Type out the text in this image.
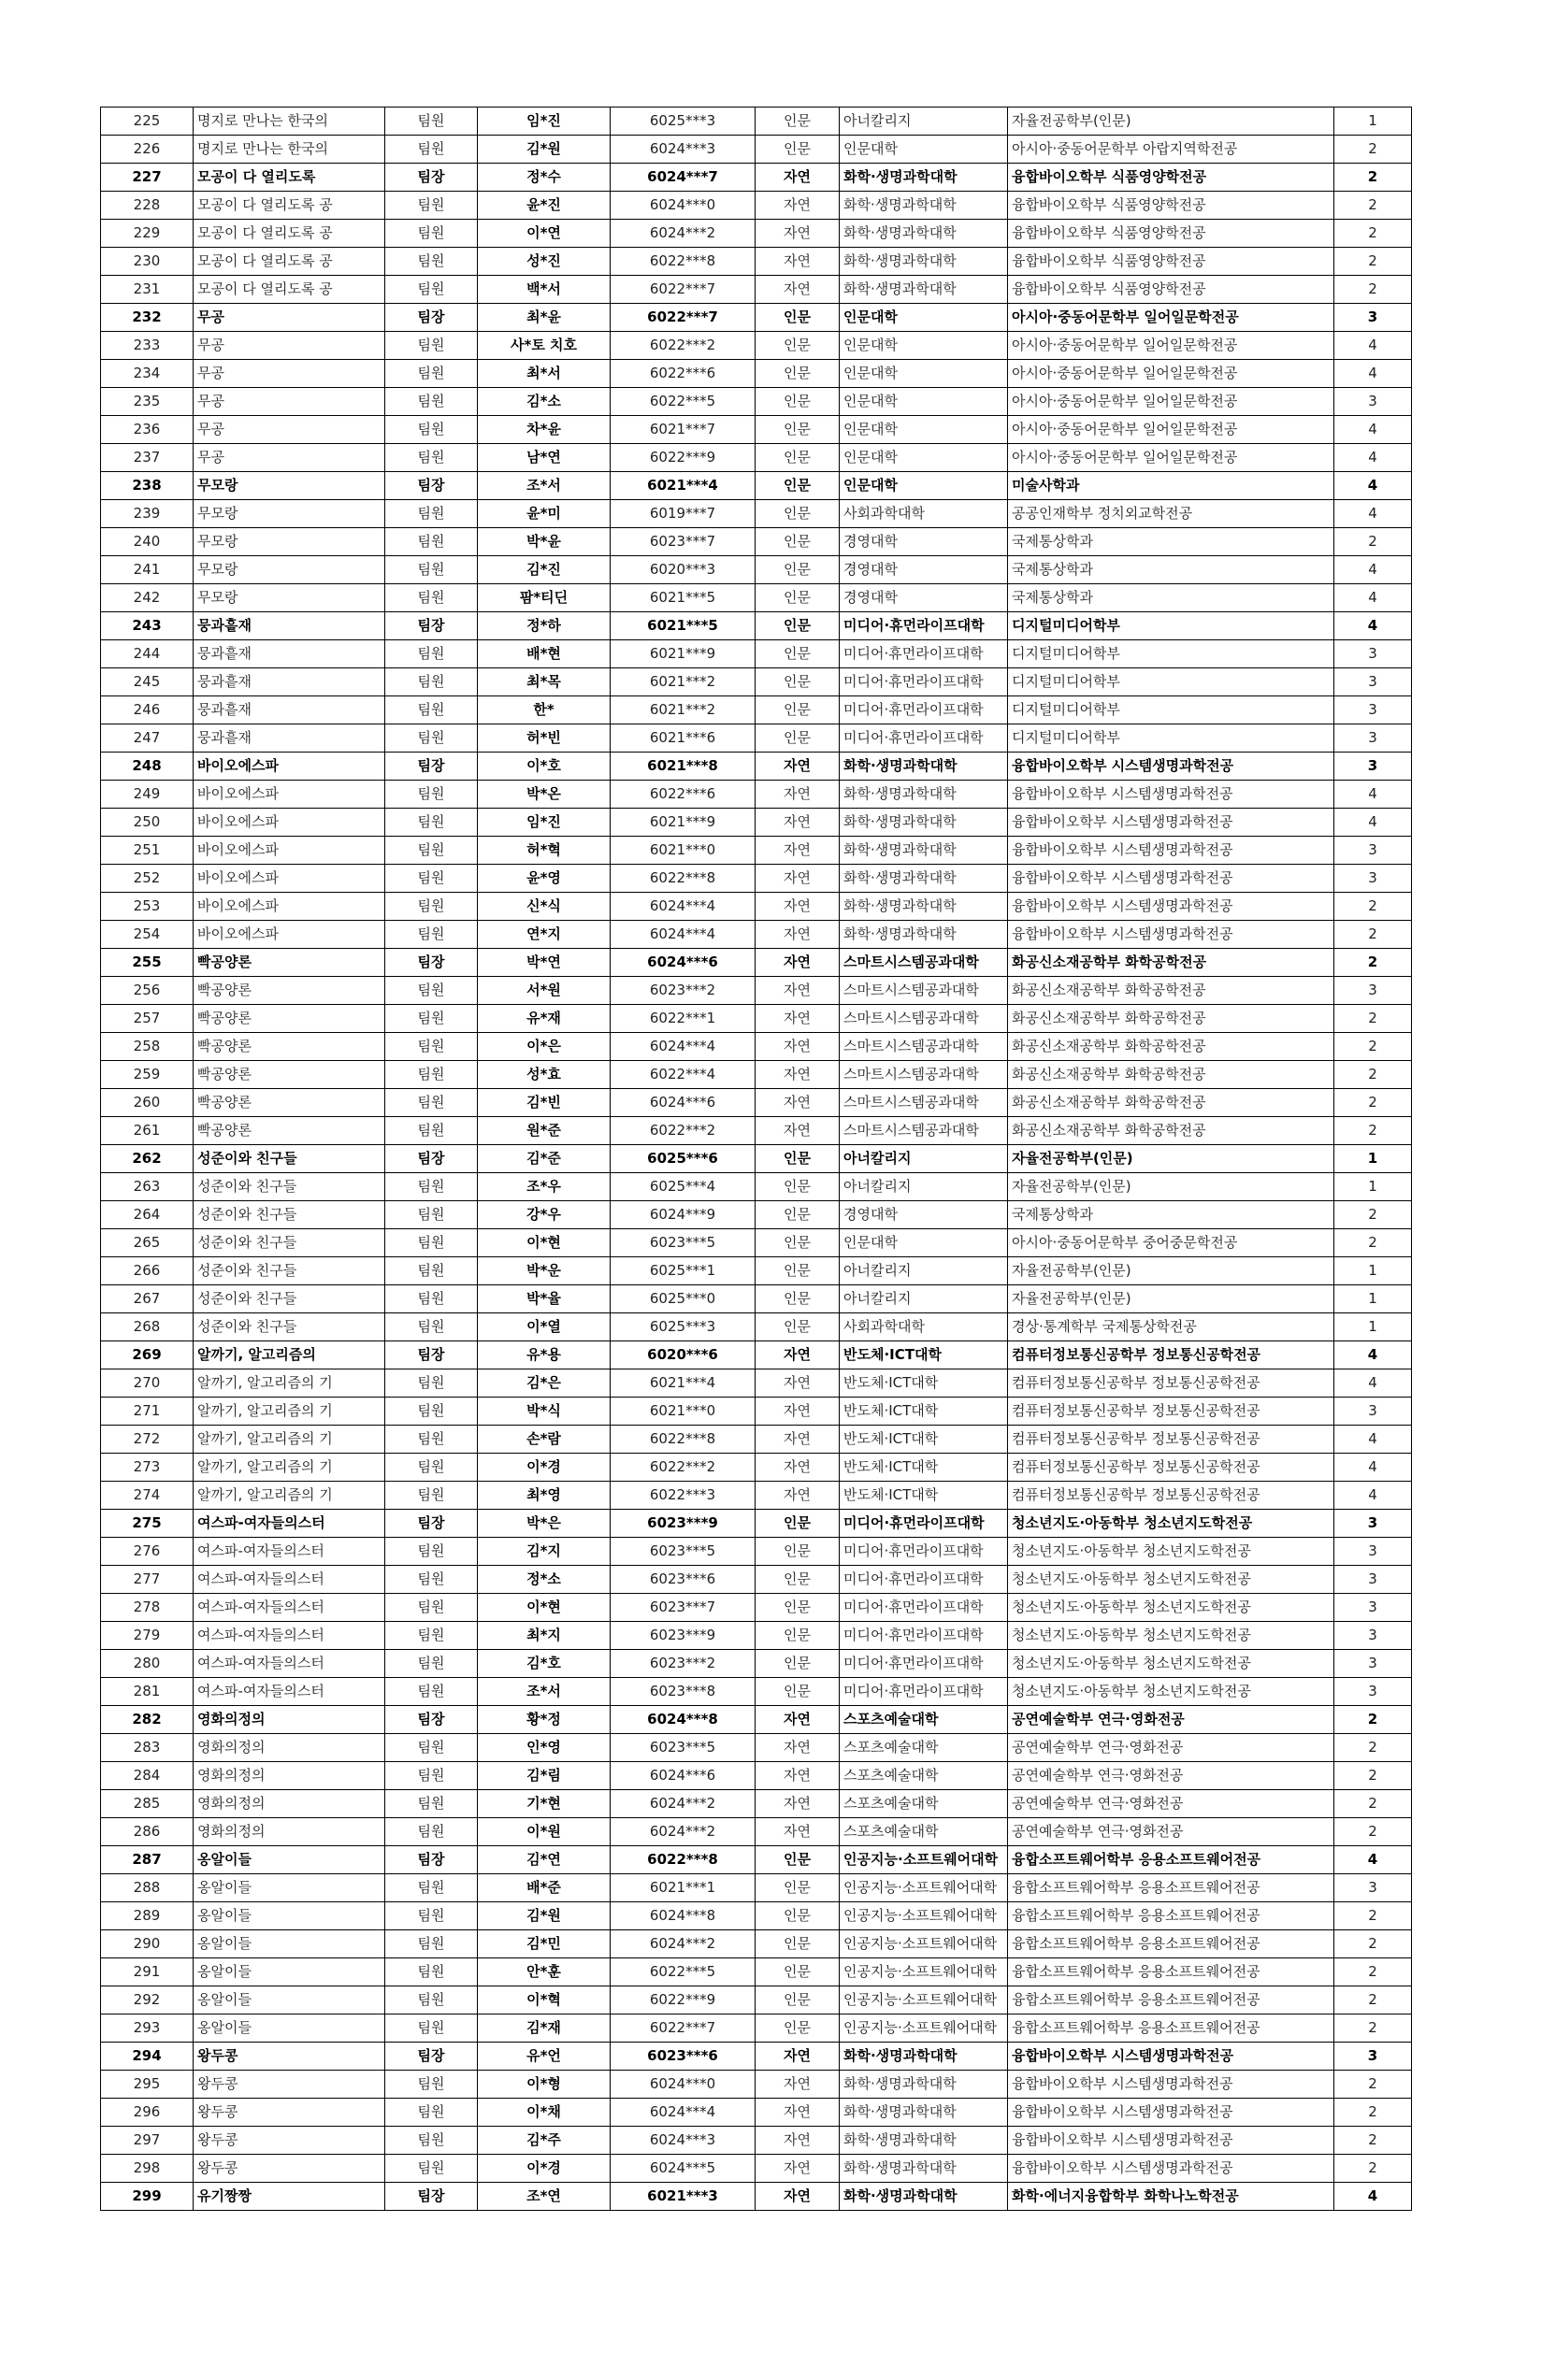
225	명지로 만나는 한국의	팀원	임*진	6025***3	인문	아너칼리지	자율전공학부(인문)	1
226	명지로 만나는 한국의	팀원	김*원	6024***3	인문	인문대학	아시아·중동어문학부 아랍지역학전공	2
227	모공이 다 열리도록	팀장	정*수	6024***7	자연	화학·생명과학대학	융합바이오학부 식품영양학전공	2
228	모공이 다 열리도록 공	팀원	윤*진	6024***0	자연	화학·생명과학대학	융합바이오학부 식품영양학전공	2
229	모공이 다 열리도록 공	팀원	이*연	6024***2	자연	화학·생명과학대학	융합바이오학부 식품영양학전공	2
230	모공이 다 열리도록 공	팀원	성*진	6022***8	자연	화학·생명과학대학	융합바이오학부 식품영양학전공	2
231	모공이 다 열리도록 공	팀원	백*서	6022***7	자연	화학·생명과학대학	융합바이오학부 식품영양학전공	2
232	무공	팀장	최*윤	6022***7	인문	인문대학	아시아·중동어문학부 일어일문학전공	3
233	무공	팀원	사*토 치호	6022***2	인문	인문대학	아시아·중동어문학부 일어일문학전공	4
234	무공	팀원	최*서	6022***6	인문	인문대학	아시아·중동어문학부 일어일문학전공	4
235	무공	팀원	김*소	6022***5	인문	인문대학	아시아·중동어문학부 일어일문학전공	3
236	무공	팀원	차*윤	6021***7	인문	인문대학	아시아·중동어문학부 일어일문학전공	4
237	무공	팀원	남*연	6022***9	인문	인문대학	아시아·중동어문학부 일어일문학전공	4
238	무모랑	팀장	조*서	6021***4	인문	인문대학	미술사학과	4
239	무모랑	팀원	윤*미	6019***7	인문	사회과학대학	공공인재학부 정치외교학전공	4
240	무모랑	팀원	박*윤	6023***7	인문	경영대학	국제통상학과	2
241	무모랑	팀원	김*진	6020***3	인문	경영대학	국제통상학과	4
242	무모랑	팀원	팜*티딘	6021***5	인문	경영대학	국제통상학과	4
243	뭉과흩재	팀장	정*하	6021***5	인문	미디어·휴먼라이프대학	디지털미디어학부	4
244	뭉과흩재	팀원	배*현	6021***9	인문	미디어·휴먼라이프대학	디지털미디어학부	3
245	뭉과흩재	팀원	최*목	6021***2	인문	미디어·휴먼라이프대학	디지털미디어학부	3
246	뭉과흩재	팀원	한*	6021***2	인문	미디어·휴먼라이프대학	디지털미디어학부	3
247	뭉과흩재	팀원	허*빈	6021***6	인문	미디어·휴먼라이프대학	디지털미디어학부	3
248	바이오에스파	팀장	이*호	6021***8	자연	화학·생명과학대학	융합바이오학부 시스템생명과학전공	3
249	바이오에스파	팀원	박*온	6022***6	자연	화학·생명과학대학	융합바이오학부 시스템생명과학전공	4
250	바이오에스파	팀원	임*진	6021***9	자연	화학·생명과학대학	융합바이오학부 시스템생명과학전공	4
251	바이오에스파	팀원	허*혁	6021***0	자연	화학·생명과학대학	융합바이오학부 시스템생명과학전공	3
252	바이오에스파	팀원	윤*영	6022***8	자연	화학·생명과학대학	융합바이오학부 시스템생명과학전공	3
253	바이오에스파	팀원	신*식	6024***4	자연	화학·생명과학대학	융합바이오학부 시스템생명과학전공	2
254	바이오에스파	팀원	연*지	6024***4	자연	화학·생명과학대학	융합바이오학부 시스템생명과학전공	2
255	빡공양론	팀장	박*연	6024***6	자연	스마트시스템공과대학	화공신소재공학부 화학공학전공	2
256	빡공양론	팀원	서*원	6023***2	자연	스마트시스템공과대학	화공신소재공학부 화학공학전공	3
257	빡공양론	팀원	유*재	6022***1	자연	스마트시스템공과대학	화공신소재공학부 화학공학전공	2
258	빡공양론	팀원	이*은	6024***4	자연	스마트시스템공과대학	화공신소재공학부 화학공학전공	2
259	빡공양론	팀원	성*효	6022***4	자연	스마트시스템공과대학	화공신소재공학부 화학공학전공	2
260	빡공양론	팀원	김*빈	6024***6	자연	스마트시스템공과대학	화공신소재공학부 화학공학전공	2
261	빡공양론	팀원	원*준	6022***2	자연	스마트시스템공과대학	화공신소재공학부 화학공학전공	2
262	성준이와 친구들	팀장	김*준	6025***6	인문	아너칼리지	자율전공학부(인문)	1
263	성준이와 친구들	팀원	조*우	6025***4	인문	아너칼리지	자율전공학부(인문)	1
264	성준이와 친구들	팀원	강*우	6024***9	인문	경영대학	국제통상학과	2
265	성준이와 친구들	팀원	이*현	6023***5	인문	인문대학	아시아·중동어문학부 중어중문학전공	2
266	성준이와 친구들	팀원	박*운	6025***1	인문	아너칼리지	자율전공학부(인문)	1
267	성준이와 친구들	팀원	박*율	6025***0	인문	아너칼리지	자율전공학부(인문)	1
268	성준이와 친구들	팀원	이*열	6025***3	인문	사회과학대학	경상·통계학부 국제통상학전공	1
269	알까기, 알고리즘의	팀장	유*용	6020***6	자연	반도체·ICT대학	컴퓨터정보통신공학부 정보통신공학전공	4
270	알까기, 알고리즘의 기	팀원	김*은	6021***4	자연	반도체·ICT대학	컴퓨터정보통신공학부 정보통신공학전공	4
271	알까기, 알고리즘의 기	팀원	박*식	6021***0	자연	반도체·ICT대학	컴퓨터정보통신공학부 정보통신공학전공	3
272	알까기, 알고리즘의 기	팀원	손*람	6022***8	자연	반도체·ICT대학	컴퓨터정보통신공학부 정보통신공학전공	4
273	알까기, 알고리즘의 기	팀원	이*경	6022***2	자연	반도체·ICT대학	컴퓨터정보통신공학부 정보통신공학전공	4
274	알까기, 알고리즘의 기	팀원	최*영	6022***3	자연	반도체·ICT대학	컴퓨터정보통신공학부 정보통신공학전공	4
275	여스파-여자들의스터	팀장	박*은	6023***9	인문	미디어·휴먼라이프대학	청소년지도·아동학부 청소년지도학전공	3
276	여스파-여자들의스터	팀원	김*지	6023***5	인문	미디어·휴먼라이프대학	청소년지도·아동학부 청소년지도학전공	3
277	여스파-여자들의스터	팀원	정*소	6023***6	인문	미디어·휴먼라이프대학	청소년지도·아동학부 청소년지도학전공	3
278	여스파-여자들의스터	팀원	이*현	6023***7	인문	미디어·휴먼라이프대학	청소년지도·아동학부 청소년지도학전공	3
279	여스파-여자들의스터	팀원	최*지	6023***9	인문	미디어·휴먼라이프대학	청소년지도·아동학부 청소년지도학전공	3
280	여스파-여자들의스터	팀원	김*호	6023***2	인문	미디어·휴먼라이프대학	청소년지도·아동학부 청소년지도학전공	3
281	여스파-여자들의스터	팀원	조*서	6023***8	인문	미디어·휴먼라이프대학	청소년지도·아동학부 청소년지도학전공	3
282	영화의정의	팀장	황*정	6024***8	자연	스포츠예술대학	공연예술학부 연극·영화전공	2
283	영화의정의	팀원	인*영	6023***5	자연	스포츠예술대학	공연예술학부 연극·영화전공	2
284	영화의정의	팀원	김*림	6024***6	자연	스포츠예술대학	공연예술학부 연극·영화전공	2
285	영화의정의	팀원	기*현	6024***2	자연	스포츠예술대학	공연예술학부 연극·영화전공	2
286	영화의정의	팀원	이*원	6024***2	자연	스포츠예술대학	공연예술학부 연극·영화전공	2
287	옹알이들	팀장	김*연	6022***8	인문	인공지능·소프트웨어대학	융합소프트웨어학부 응용소프트웨어전공	4
288	옹알이들	팀원	배*준	6021***1	인문	인공지능·소프트웨어대학	융합소프트웨어학부 응용소프트웨어전공	3
289	옹알이들	팀원	김*원	6024***8	인문	인공지능·소프트웨어대학	융합소프트웨어학부 응용소프트웨어전공	2
290	옹알이들	팀원	김*민	6024***2	인문	인공지능·소프트웨어대학	융합소프트웨어학부 응용소프트웨어전공	2
291	옹알이들	팀원	안*훈	6022***5	인문	인공지능·소프트웨어대학	융합소프트웨어학부 응용소프트웨어전공	2
292	옹알이들	팀원	이*혁	6022***9	인문	인공지능·소프트웨어대학	융합소프트웨어학부 응용소프트웨어전공	2
293	옹알이들	팀원	김*재	6022***7	인문	인공지능·소프트웨어대학	융합소프트웨어학부 응용소프트웨어전공	2
294	왕두콩	팀장	유*언	6023***6	자연	화학·생명과학대학	융합바이오학부 시스템생명과학전공	3
295	왕두콩	팀원	이*형	6024***0	자연	화학·생명과학대학	융합바이오학부 시스템생명과학전공	2
296	왕두콩	팀원	이*채	6024***4	자연	화학·생명과학대학	융합바이오학부 시스템생명과학전공	2
297	왕두콩	팀원	김*주	6024***3	자연	화학·생명과학대학	융합바이오학부 시스템생명과학전공	2
298	왕두콩	팀원	이*경	6024***5	자연	화학·생명과학대학	융합바이오학부 시스템생명과학전공	2
299	유기짱짱	팀장	조*연	6021***3	자연	화학·생명과학대학	화학·에너지융합학부 화학나노학전공	4
